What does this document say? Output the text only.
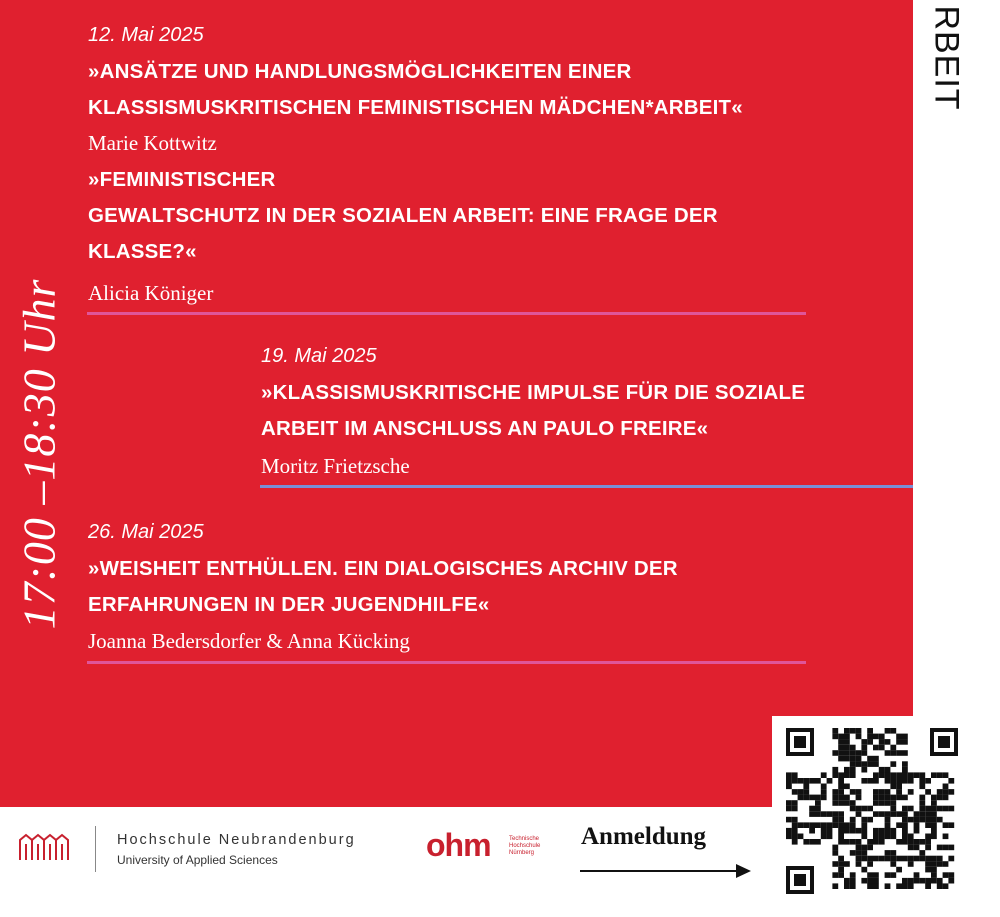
17:00 –18:30 Uhr
RBEIT
12. Mai 2025
»ANSÄTZE UND HANDLUNGSMÖGLICHKEITEN EINER
KLASSISMUSKRITISCHEN FEMINISTISCHEN MÄDCHEN*ARBEIT«
Marie Kottwitz
»FEMINISTISCHER
GEWALTSCHUTZ IN DER SOZIALEN ARBEIT: EINE FRAGE DER
KLASSE?«
Alicia Königer
19. Mai 2025
»KLASSISMUSKRITISCHE IMPULSE FÜR DIE SOZIALE
ARBEIT IM ANSCHLUSS AN PAULO FREIRE«
Moritz Frietzsche
26. Mai 2025
»WEISHEIT ENTHÜLLEN. EIN DIALOGISCHES ARCHIV DER
ERFAHRUNGEN IN DER JUGENDHILFE«
Joanna Bedersdorfer & Anna Kücking
Hochschule Neubrandenburg
University of Applied Sciences	ohm	Technische
Hochschule
Nürnberg
Anmeldung
